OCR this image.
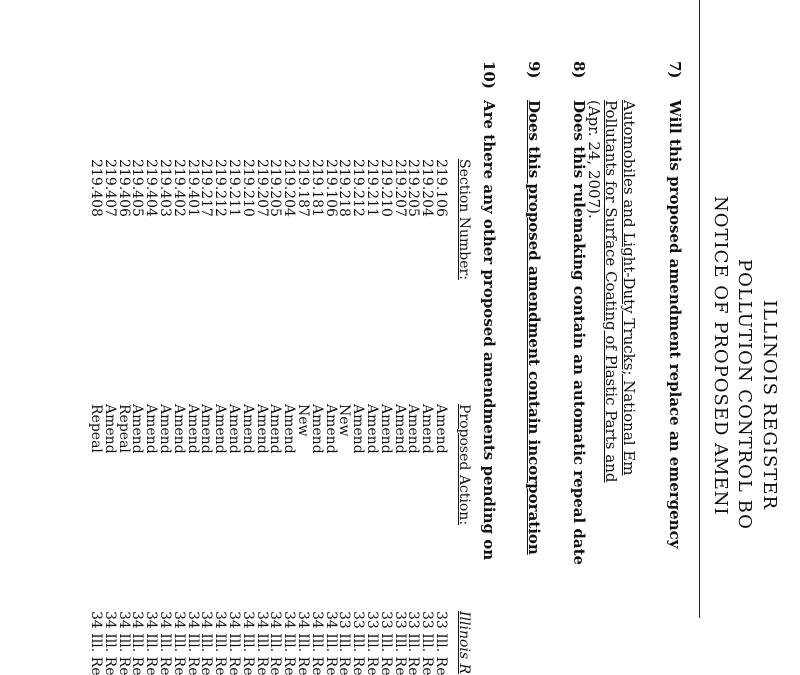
ILLINOIS REGISTER
POLLUTION CONTROL BO
NOTICE OF PROPOSED AMENI
7)
Will this proposed amendment replace an emergency
Automobiles and Light-Duty Trucks; National Em
Pollutants for Surface Coating of Plastic Parts and
(Apr. 24, 2007).
8)
Does this rulemaking contain an automatic repeal date
9)
Does this proposed amendment contain incorporation
10)
Are there any other proposed amendments pending on
Section Number:
Proposed Action:
Illinois R
219.106
Amend
33 Ill. Re
219.204
Amend
33 Ill. Re
219.205
Amend
33 Ill. Re
219.207
Amend
33 Ill. Re
219.210
Amend
33 Ill. Re
219.211
Amend
33 Ill. Re
219.212
Amend
33 Ill. Re
219.218
New
33 Ill. Re
219.106
Amend
34 Ill. Re
219.181
Amend
34 Ill. Re
219.187
New
34 Ill. Re
219.204
Amend
34 Ill. Re
219.205
Amend
34 Ill. Re
219.207
Amend
34 Ill. Re
219.210
Amend
34 Ill. Re
219.211
Amend
34 Ill. Re
219.212
Amend
34 Ill. Re
219.217
Amend
34 Ill. Re
219.401
Amend
34 Ill. Re
219.402
Amend
34 Ill. Re
219.403
Amend
34 Ill. Re
219.404
Amend
34 Ill. Re
219.405
Amend
34 Ill. Re
219.406
Repeal
34 Ill. Re
219.407
Amend
34 Ill. Re
219.408
Repeal
34 Ill. Re
